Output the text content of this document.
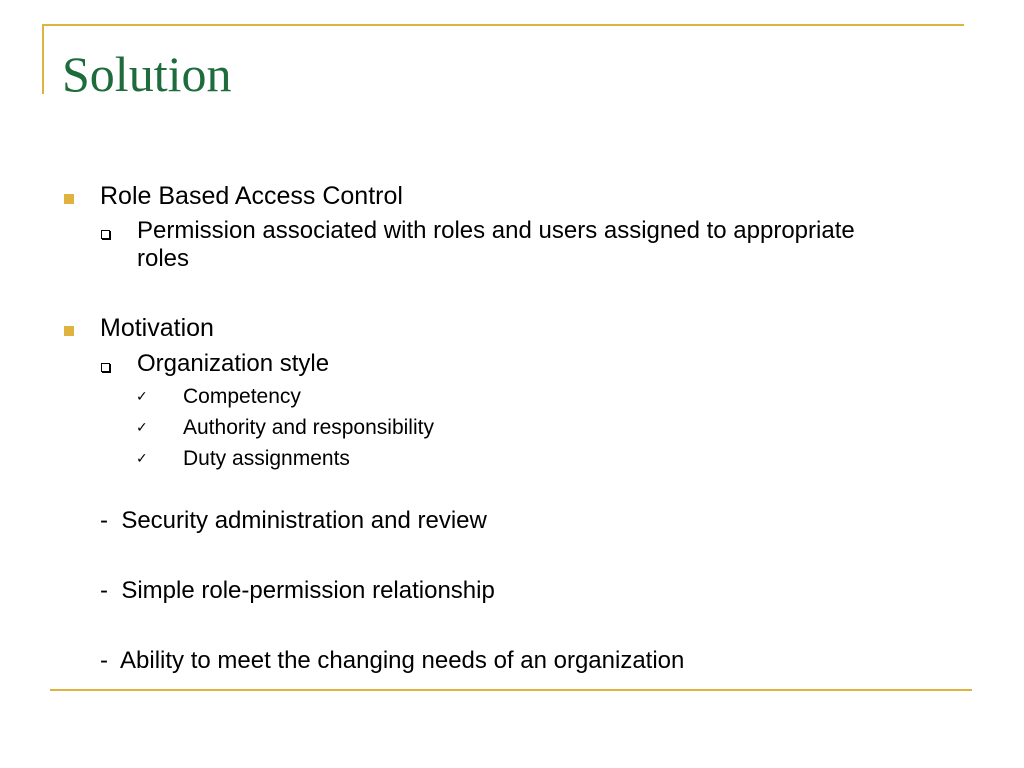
Solution
Role Based Access Control
Permission associated with roles and users assigned to appropriate roles
Motivation
Organization style
✓ Competency
✓ Authority and responsibility
✓ Duty assignments
-  Security administration and review
-  Simple role-permission relationship
-  Ability to meet the changing needs of an organization
